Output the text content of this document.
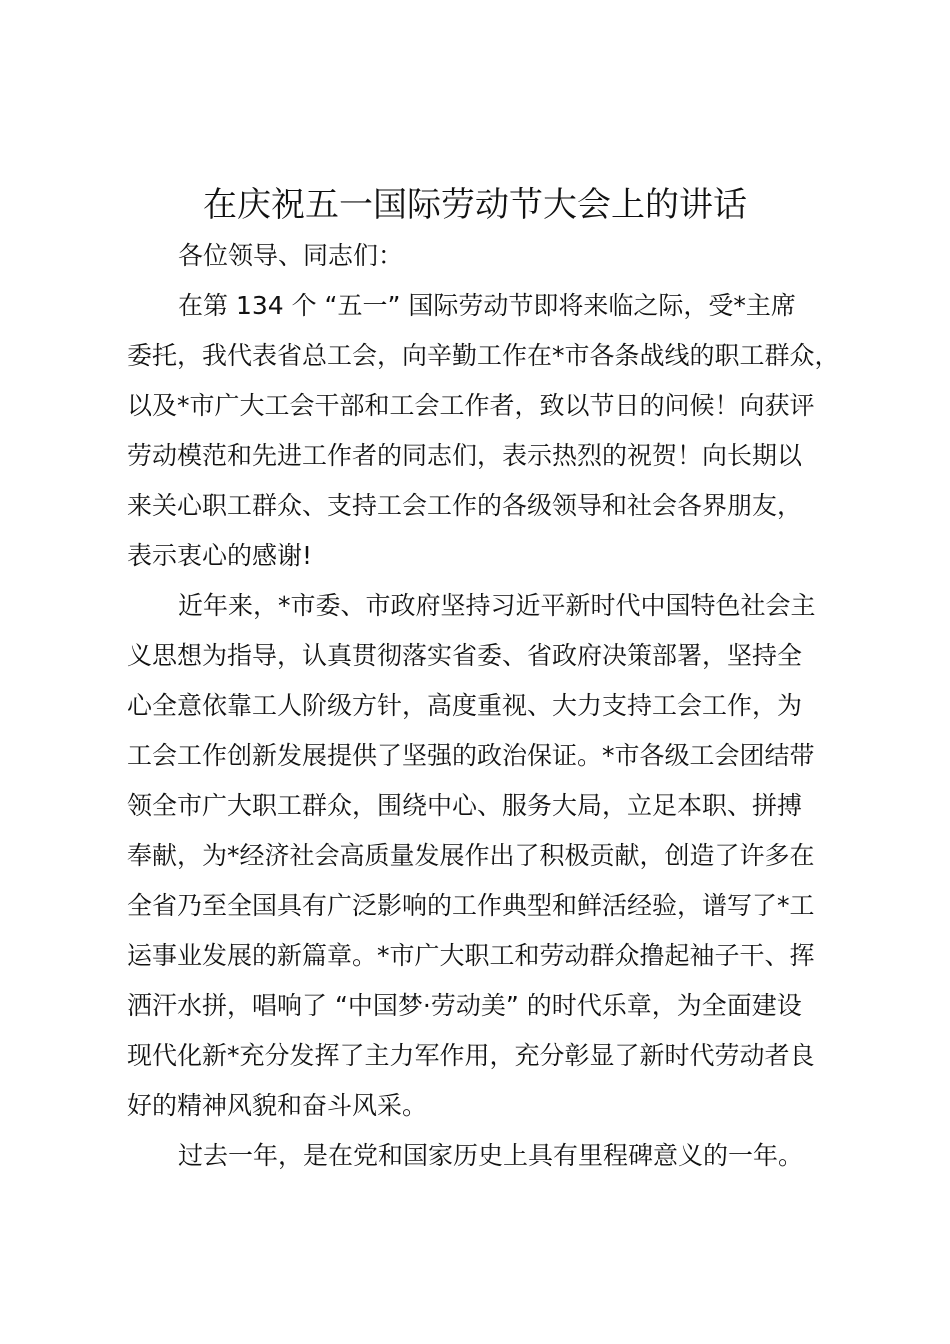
在庆祝五一国际劳动节大会上的讲话
各位领导、同志们：
在第 134 个 “五一” 国际劳动节即将来临之际，受*主席
委托，我代表省总工会，向辛勤工作在*市各条战线的职工群众，
以及*市广大工会干部和工会工作者，致以节日的问候！向获评
劳动模范和先进工作者的同志们，表示热烈的祝贺！向长期以
来关心职工群众、支持工会工作的各级领导和社会各界朋友，
表示衷心的感谢!
近年来，*市委、市政府坚持习近平新时代中国特色社会主
义思想为指导，认真贯彻落实省委、省政府决策部署，坚持全
心全意依靠工人阶级方针，高度重视、大力支持工会工作，为
工会工作创新发展提供了坚强的政治保证。*市各级工会团结带
领全市广大职工群众，围绕中心、服务大局，立足本职、拼搏
奉献，为*经济社会高质量发展作出了积极贡献，创造了许多在
全省乃至全国具有广泛影响的工作典型和鲜活经验，谱写了*工
运事业发展的新篇章。*市广大职工和劳动群众撸起袖子干、挥
洒汗水拼，唱响了 “中国梦·劳动美” 的时代乐章，为全面建设
现代化新*充分发挥了主力军作用，充分彰显了新时代劳动者良
好的精神风貌和奋斗风采。
过去一年，是在党和国家历史上具有里程碑意义的一年。
